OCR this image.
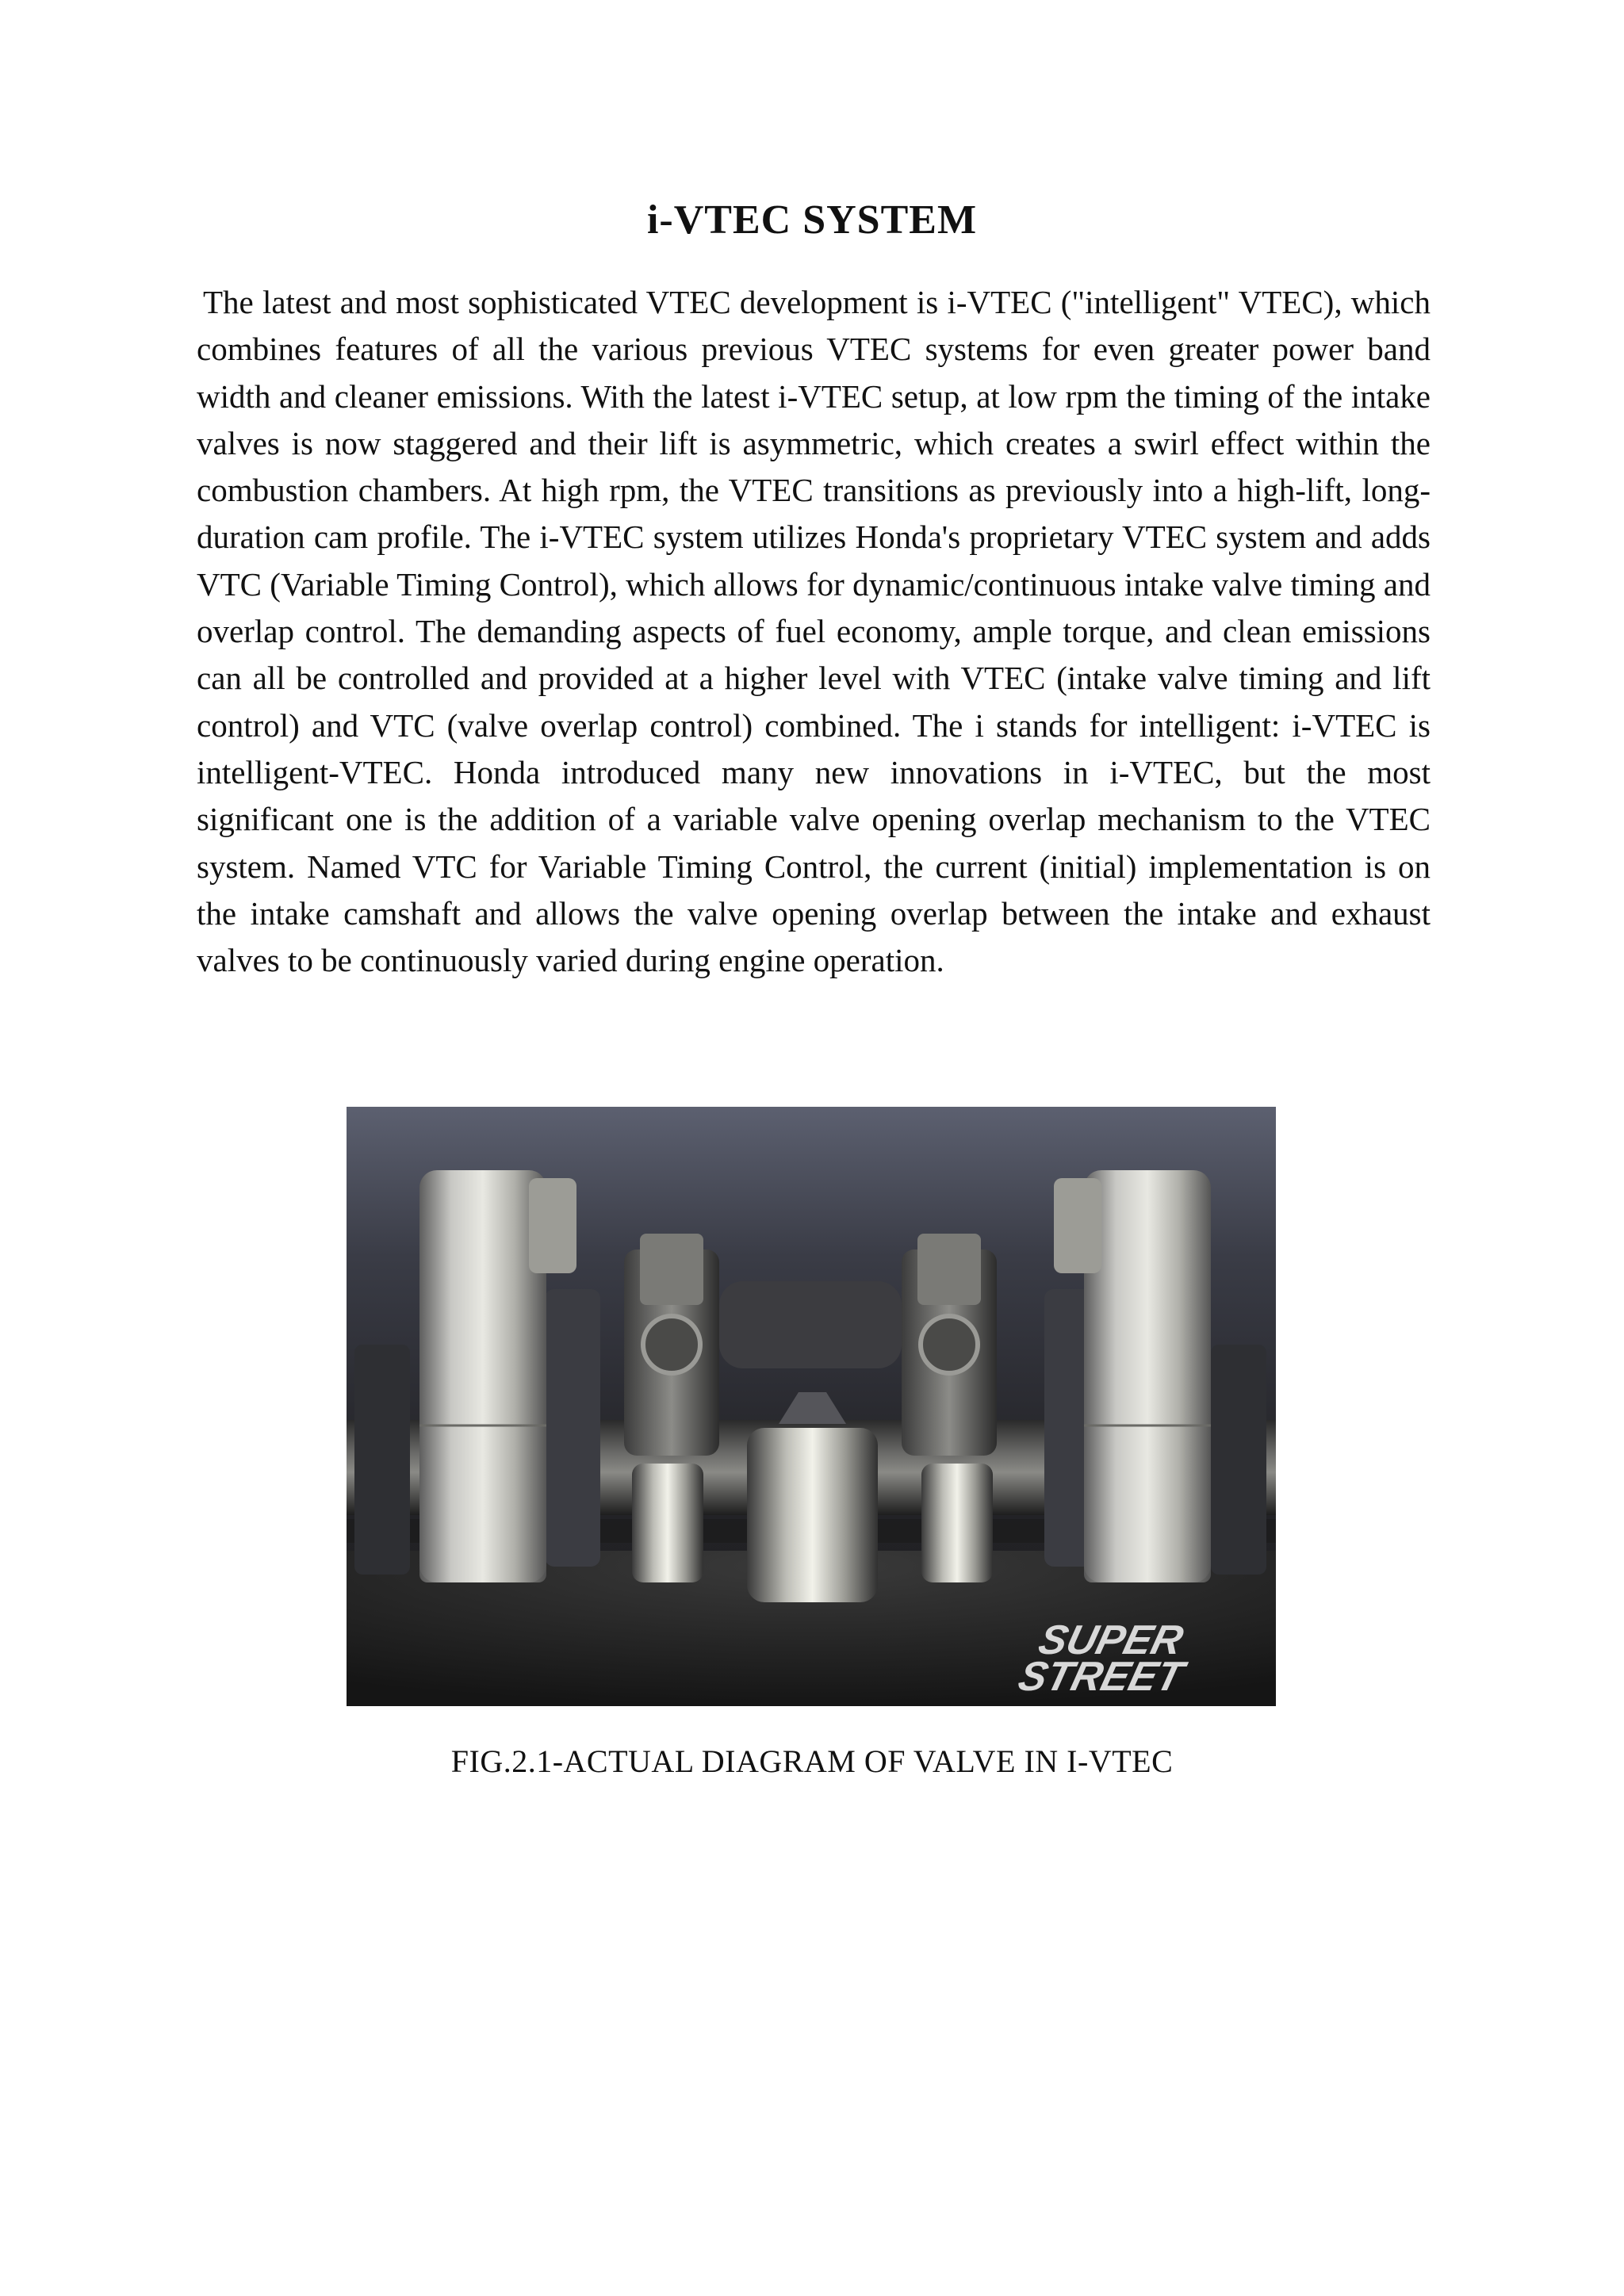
i-VTEC SYSTEM

The latest and most sophisticated VTEC development is i-VTEC ("intelligent" VTEC), which combines features of all the various previous VTEC systems for even greater power band width and cleaner emissions. With the latest i-VTEC setup, at low rpm the timing of the intake valves is now staggered and their lift is asymmetric, which creates a swirl effect within the combustion chambers. At high rpm, the VTEC transitions as previously into a high-lift, long-duration cam profile. The i-VTEC system utilizes Honda's proprietary VTEC system and adds VTC (Variable Timing Control), which allows for dynamic/continuous intake valve timing and overlap control. The demanding aspects of fuel economy, ample torque, and clean emissions can all be controlled and provided at a higher level with VTEC (intake valve timing and lift control) and VTC (valve overlap control) combined. The i stands for intelligent: i-VTEC is intelligent-VTEC. Honda introduced many new innovations in i-VTEC, but the most significant one is the addition of a variable valve opening overlap mechanism to the VTEC system. Named VTC for Variable Timing Control, the current (initial) implementation is on the intake camshaft and allows the valve opening overlap between the intake and exhaust valves to be continuously varied during engine operation.

SUPER
STREET
FIG.2.1-ACTUAL DIAGRAM OF VALVE IN I-VTEC
